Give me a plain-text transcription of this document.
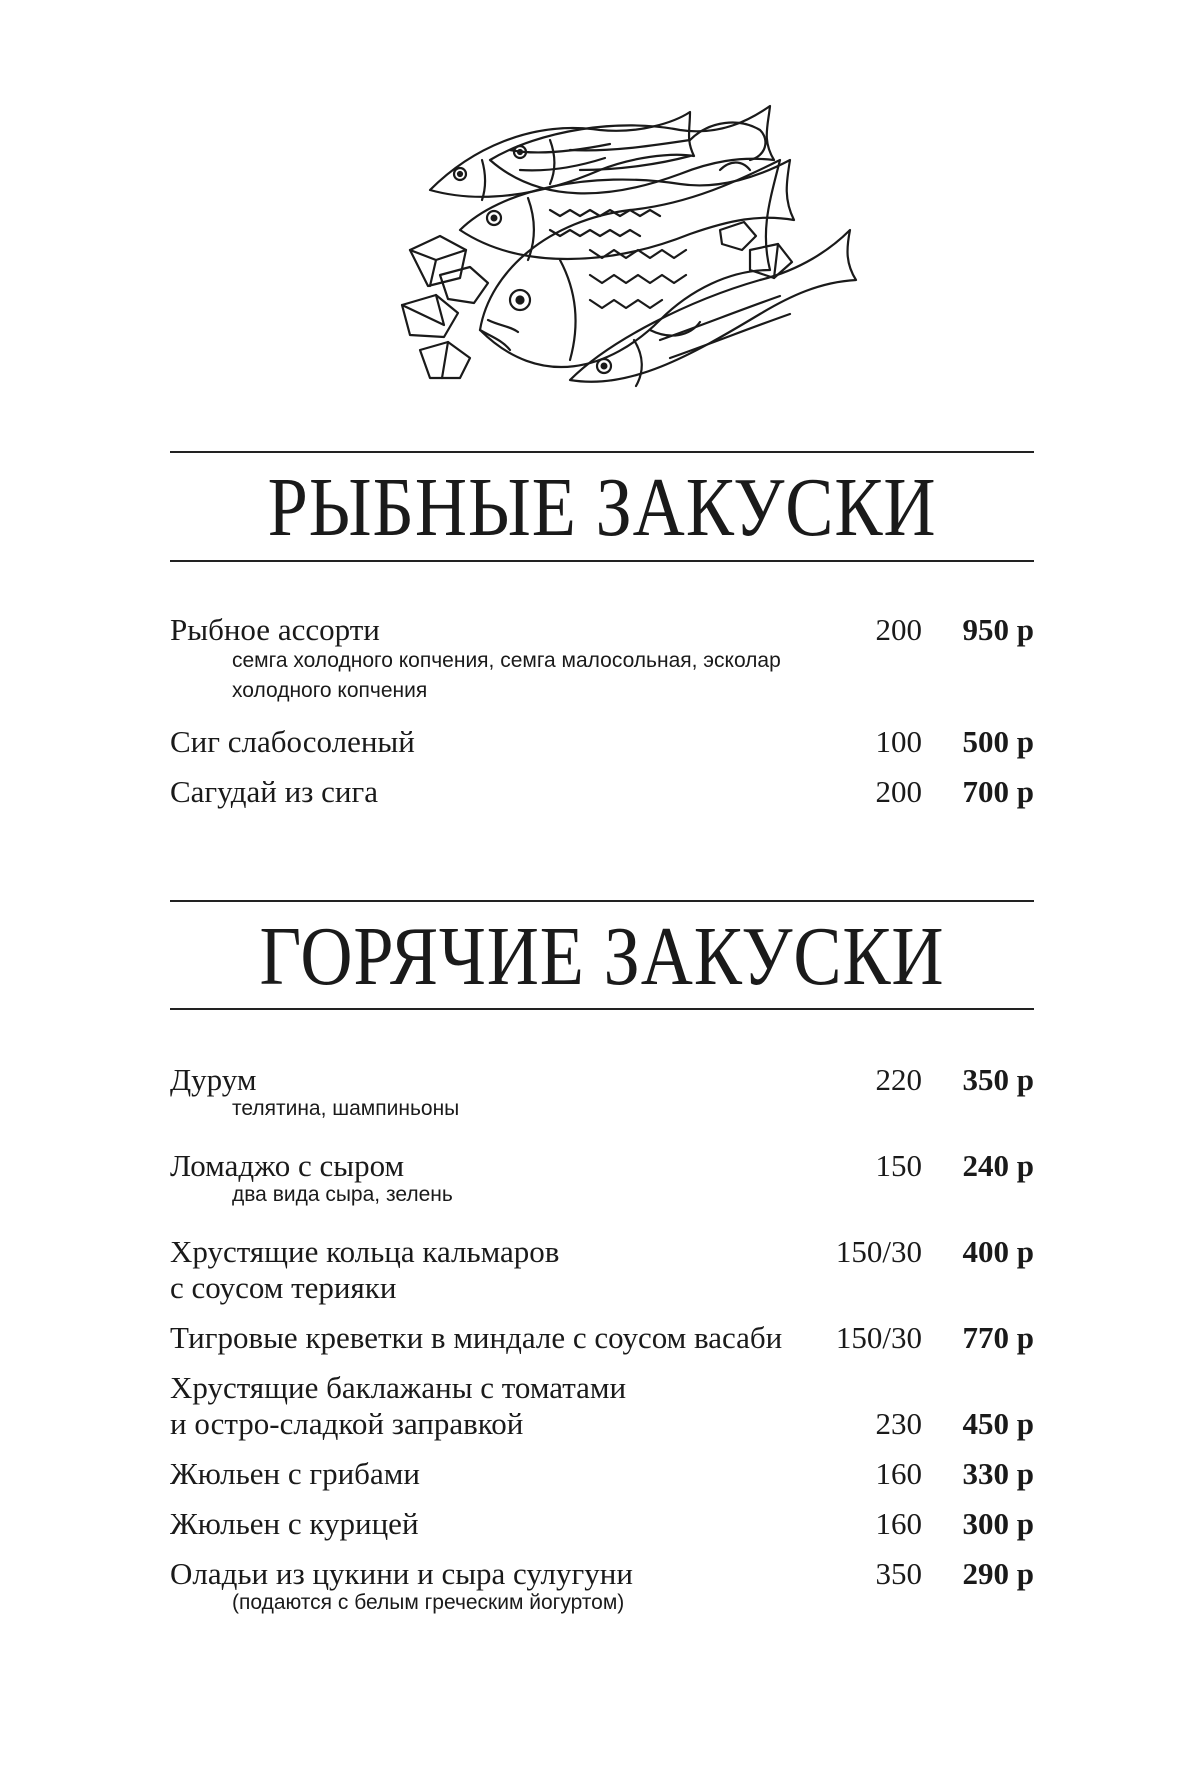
РЫБНЫЕ ЗАКУСКИ
Рыбное ассорти	200 950 р
семга холодного копчения, семга малосольная, эсколар холодного копчения
Сиг слабосоленый	100 500 р
Сагудай из сига	200 700 р
ГОРЯЧИЕ ЗАКУСКИ
Дурум	220 350 р
телятина, шампиньоны
Ломаджо с сыром	150 240 р
два вида сыра, зелень
Хрустящие кольца кальмаров
с соусом терияки
150/30 400 р
Тигровые креветки в миндале с соусом васаби	150/30 770 р
Хрустящие баклажаны с томатами
и остро-сладкой заправкой	230 450 р
Жюльен с грибами	160 330 р
Жюльен с курицей	160 300 р
Оладьи из цукини и сыра сулугуни	350 290 р
(подаются с белым греческим йогуртом)
